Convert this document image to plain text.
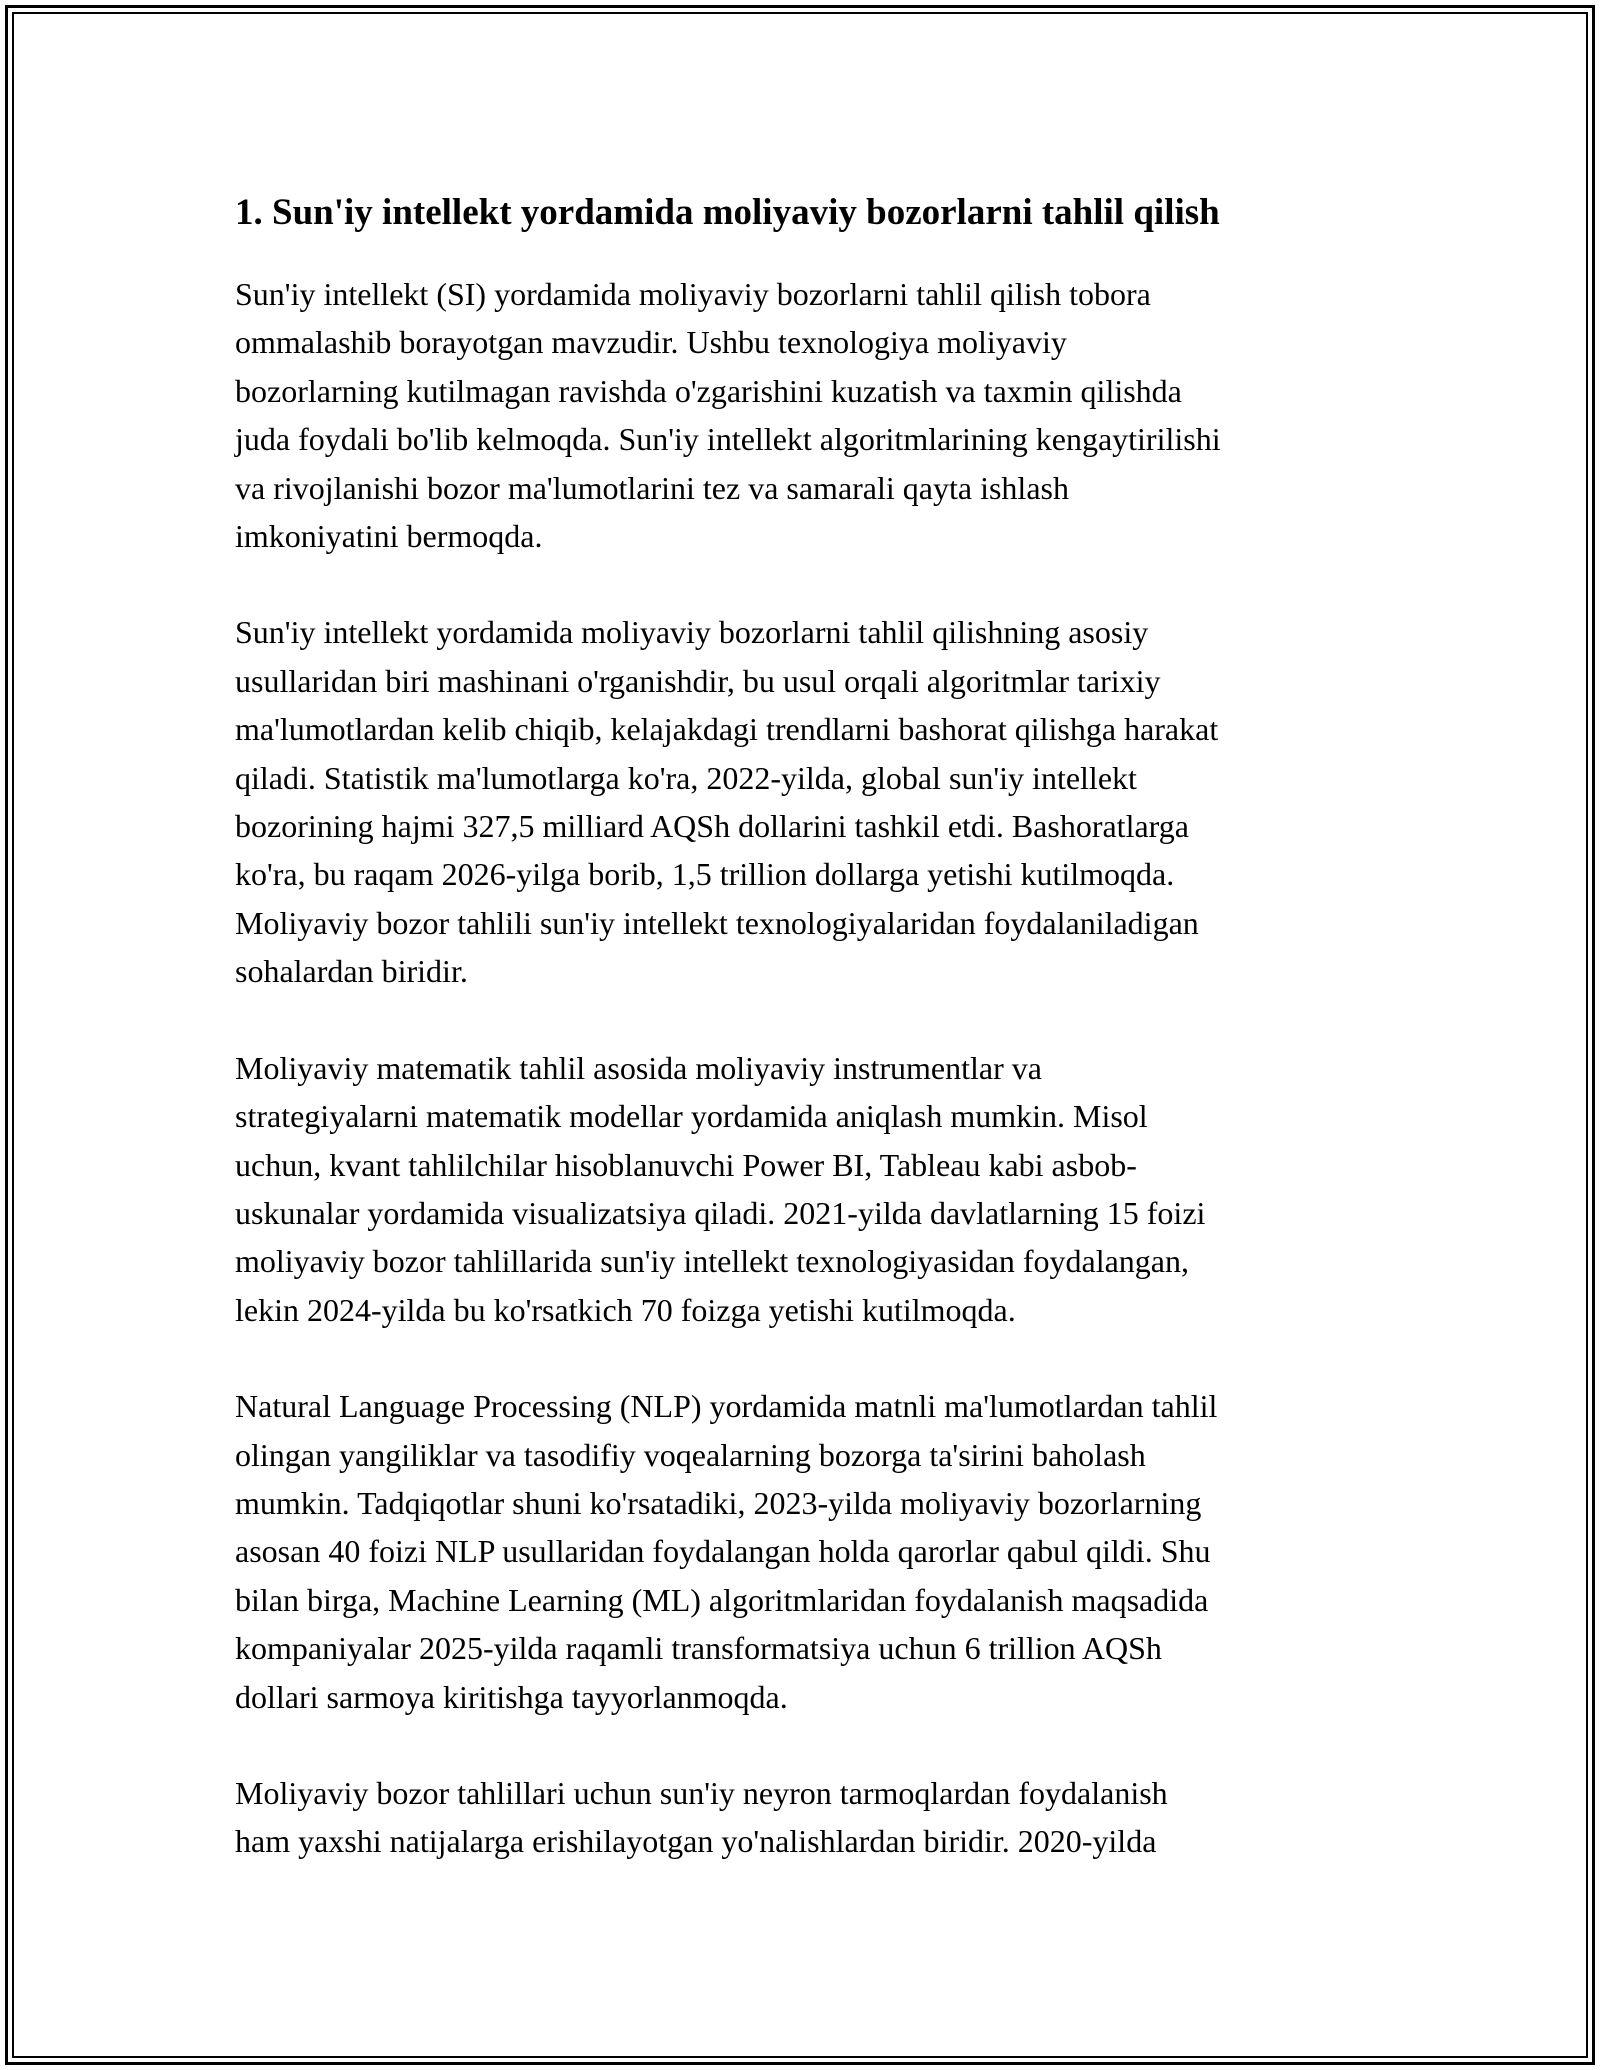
1. Sun'iy intellekt yordamida moliyaviy bozorlarni tahlil qilish
Sun'iy intellekt (SI) yordamida moliyaviy bozorlarni tahlil qilish tobora
ommalashib borayotgan mavzudir. Ushbu texnologiya moliyaviy
bozorlarning kutilmagan ravishda o'zgarishini kuzatish va taxmin qilishda
juda foydali bo'lib kelmoqda. Sun'iy intellekt algoritmlarining kengaytirilishi
va rivojlanishi bozor ma'lumotlarini tez va samarali qayta ishlash
imkoniyatini bermoqda.
Sun'iy intellekt yordamida moliyaviy bozorlarni tahlil qilishning asosiy
usullaridan biri mashinani o'rganishdir, bu usul orqali algoritmlar tarixiy
ma'lumotlardan kelib chiqib, kelajakdagi trendlarni bashorat qilishga harakat
qiladi. Statistik ma'lumotlarga ko'ra, 2022-yilda, global sun'iy intellekt
bozorining hajmi 327,5 milliard AQSh dollarini tashkil etdi. Bashoratlarga
ko'ra, bu raqam 2026-yilga borib, 1,5 trillion dollarga yetishi kutilmoqda.
Moliyaviy bozor tahlili sun'iy intellekt texnologiyalaridan foydalaniladigan
sohalardan biridir.
Moliyaviy matematik tahlil asosida moliyaviy instrumentlar va
strategiyalarni matematik modellar yordamida aniqlash mumkin. Misol
uchun, kvant tahlilchilar hisoblanuvchi Power BI, Tableau kabi asbob-
uskunalar yordamida visualizatsiya qiladi. 2021-yilda davlatlarning 15 foizi
moliyaviy bozor tahlillarida sun'iy intellekt texnologiyasidan foydalangan,
lekin 2024-yilda bu ko'rsatkich 70 foizga yetishi kutilmoqda.
Natural Language Processing (NLP) yordamida matnli ma'lumotlardan tahlil
olingan yangiliklar va tasodifiy voqealarning bozorga ta'sirini baholash
mumkin. Tadqiqotlar shuni ko'rsatadiki, 2023-yilda moliyaviy bozorlarning
asosan 40 foizi NLP usullaridan foydalangan holda qarorlar qabul qildi. Shu
bilan birga, Machine Learning (ML) algoritmlaridan foydalanish maqsadida
kompaniyalar 2025-yilda raqamli transformatsiya uchun 6 trillion AQSh
dollari sarmoya kiritishga tayyorlanmoqda.
Moliyaviy bozor tahlillari uchun sun'iy neyron tarmoqlardan foydalanish
ham yaxshi natijalarga erishilayotgan yo'nalishlardan biridir. 2020-yilda
